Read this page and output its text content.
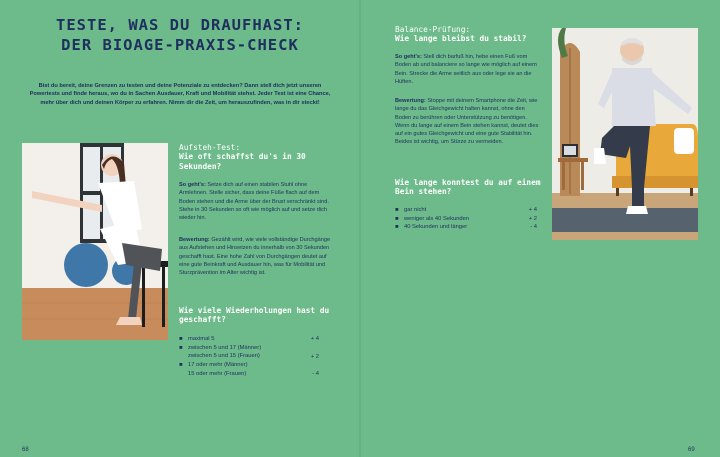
TESTE, WAS DU DRAUFHAST:
DER BIOAGE-PRAXIS-CHECK

Bist du bereit, deine Grenzen zu testen und deine Potenziale zu entdecken? Dann stell dich jetzt unseren Powertests und finde heraus, wo du in Sachen Ausdauer, Kraft und Mobilität stehst. Jeder Test ist eine Chance, mehr über dich und deinen Körper zu erfahren. Nimm dir die Zeit, um herauszufinden, was in dir steckt!

Aufsteh-Test:
Wie oft schaffst du's in 30 Sekunden?

So geht's: Setze dich auf einen stabilen Stuhl ohne Armlehnen. Stelle sicher, dass deine Füße flach auf dem Boden stehen und die Arme über der Brust verschränkt sind. Stehe in 30 Sekunden so oft wie möglich auf und setze dich wieder hin.

Bewertung: Gezählt wird, wie viele vollständige Durchgänge aus Aufstehen und Hinsetzen du innerhalb von 30 Sekunden geschafft hast. Eine hohe Zahl von Durchgängen deutet auf eine gute Beinkraft und Ausdauer hin, was für Mobilität und Sturzprävention im Alter wichtig ist.

Wie viele Wiederholungen hast du geschafft?
■ maximal 5	+ 4
■ zwischen 5 und 17 (Männer)
zwischen 5 und 15 (Frauen)	+ 2
■ 17 oder mehr (Männer)
15 oder mehr (Frauen)	- 4
68
Balance-Prüfung:
Wie lange bleibst du stabil?

So geht's: Stell dich barfuß hin, hebe einen Fuß vom Boden ab und balanciere so lange wie möglich auf einem Bein. Strecke die Arme seitlich aus oder lege sie an die Hüften.

Bewertung: Stoppe mit deinem Smartphone die Zeit, wie lange du das Gleichgewicht halten kannst, ohne den Boden zu berühren oder Unterstützung zu benötigen. Wenn du lange auf einem Bein stehen kannst, deutet dies auf ein gutes Gleichgewicht und eine gute Stabilität hin. Beides ist wichtig, um Stürze zu vermeiden.

Wie lange konntest du auf einem Bein stehen?
■ gar nicht	+ 4
■ weniger als 40 Sekunden	+ 2
■ 40 Sekunden und länger	- 4
69
